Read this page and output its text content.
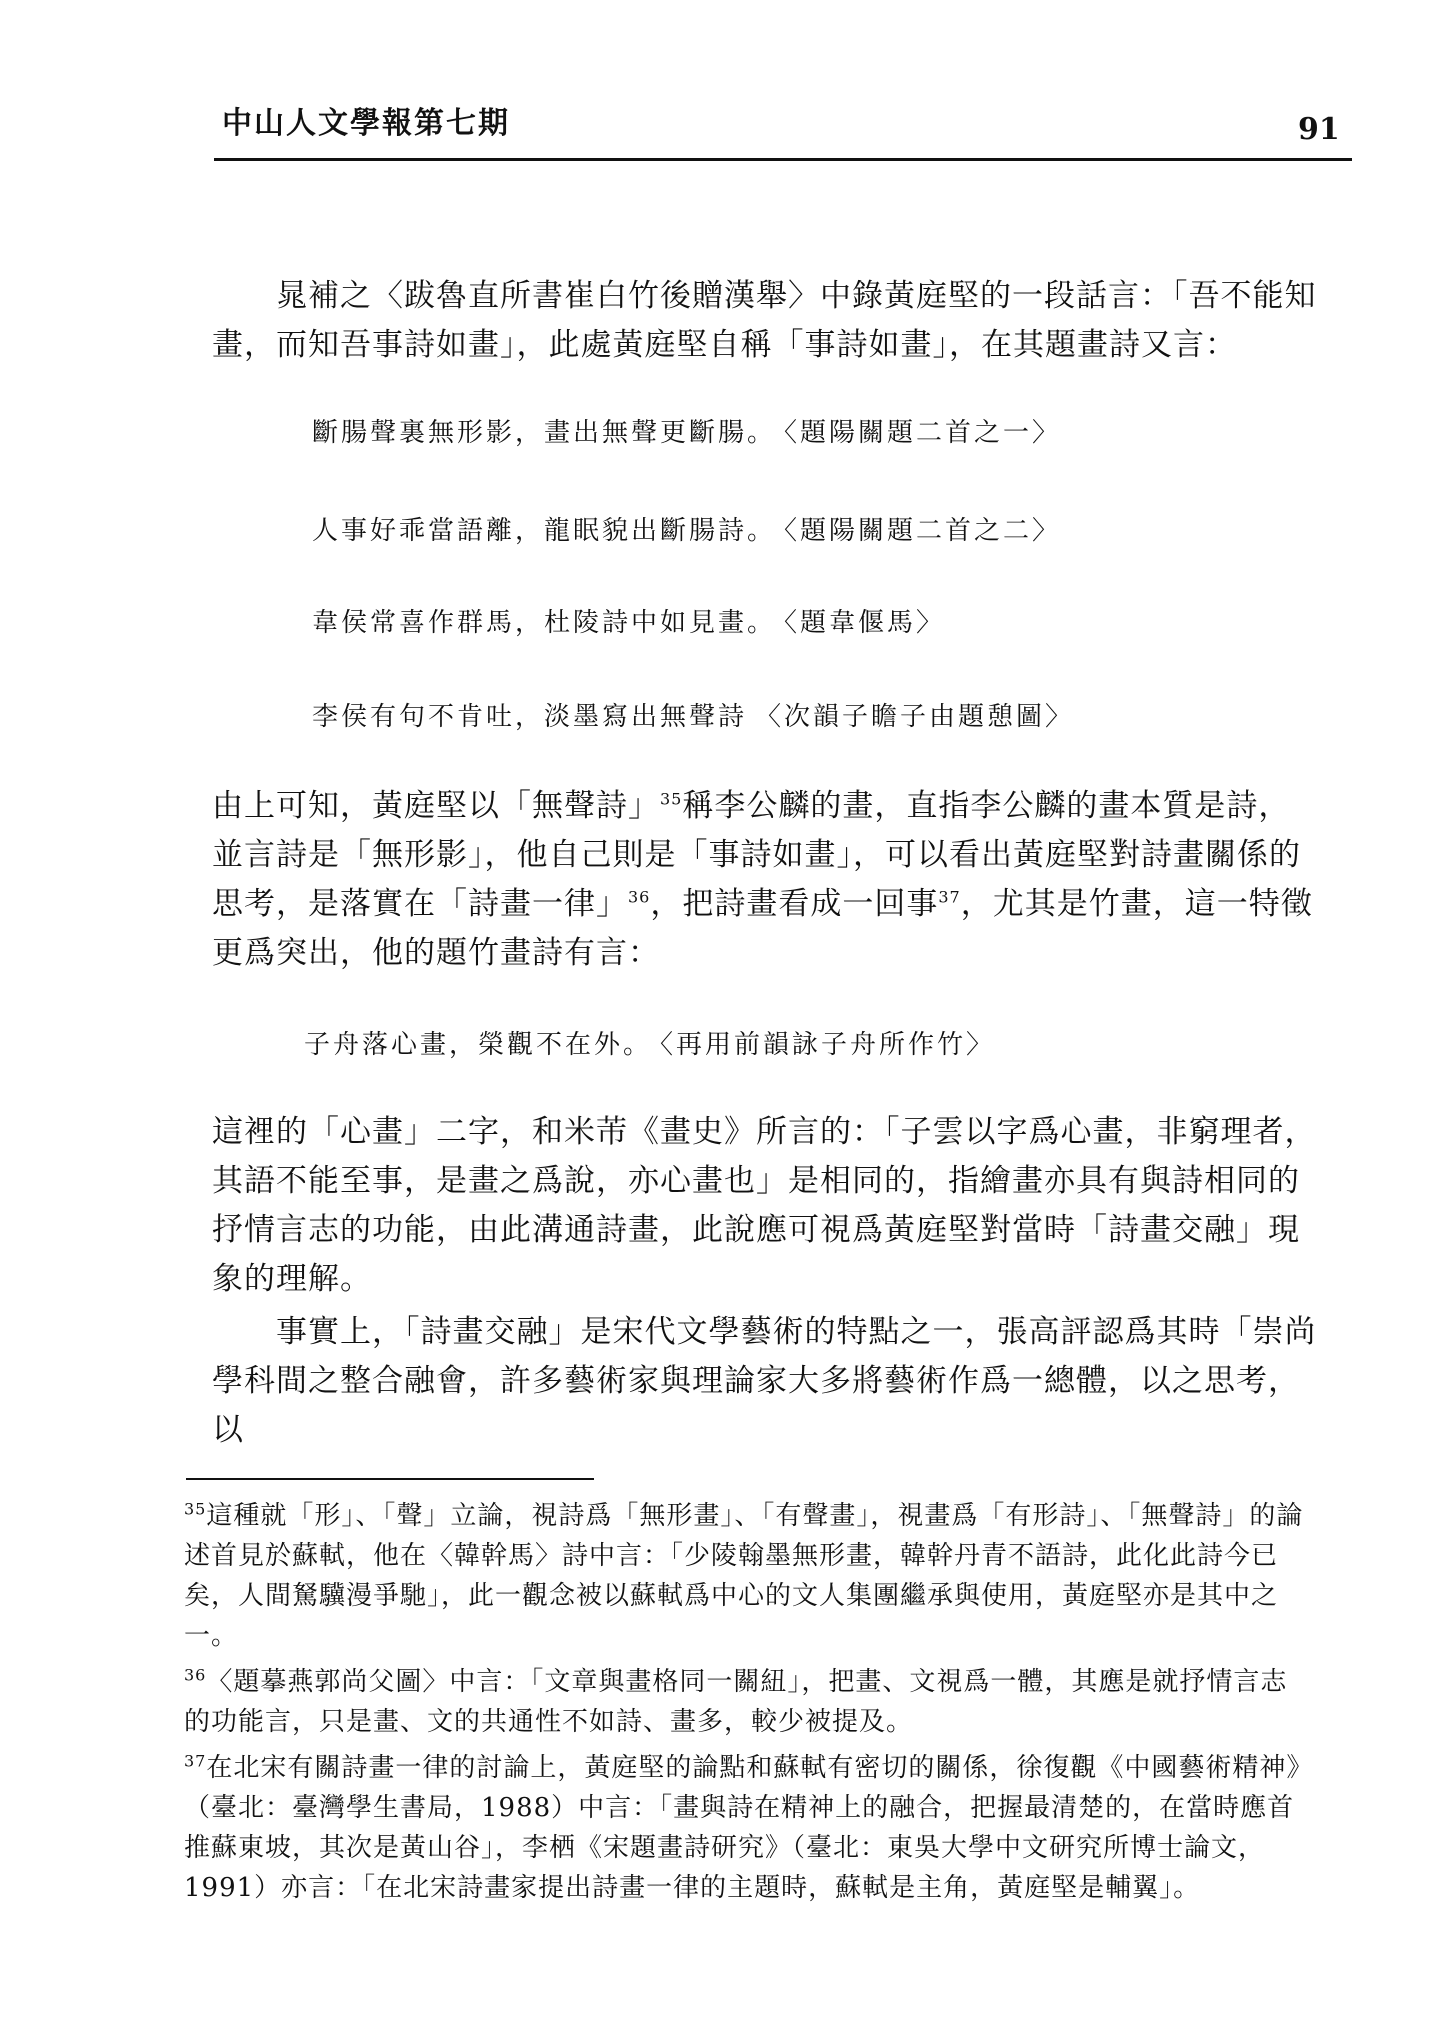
中山人文學報第七期	91

晁補之〈跋魯直所書崔白竹後贈漢舉〉中錄黃庭堅的一段話言：「吾不能知畫，而知吾事詩如畫」，此處黃庭堅自稱「事詩如畫」，在其題畫詩又言：

斷腸聲裏無形影，畫出無聲更斷腸。 〈題陽關題二首之一〉

人事好乖當語離，龍眠貌出斷腸詩。 〈題陽關題二首之二〉

韋侯常喜作群馬，杜陵詩中如見畫。 〈題韋偃馬〉

李侯有句不肯吐，淡墨寫出無聲詩 〈次韻子瞻子由題憩圖〉

由上可知，黃庭堅以「無聲詩」$^{35}$稱李公麟的畫，直指李公麟的畫本質是詩，並言詩是「無形影」，他自己則是「事詩如畫」，可以看出黃庭堅對詩畫關係的思考，是落實在「詩畫一律」$^{36}$，把詩畫看成一回事$^{37}$，尤其是竹畫，這一特徵更爲突出，他的題竹畫詩有言：

子舟落心畫，榮觀不在外。 〈再用前韻詠子舟所作竹〉

這裡的「心畫」二字，和米芾《畫史》所言的：「子雲以字爲心畫，非窮理者，其語不能至事，是畫之爲說，亦心畫也」是相同的，指繪畫亦具有與詩相同的抒情言志的功能，由此溝通詩畫，此說應可視爲黃庭堅對當時「詩畫交融」現象的理解。

事實上，「詩畫交融」是宋代文學藝術的特點之一，張高評認爲其時「崇尚學科間之整合融會，許多藝術家與理論家大多將藝術作爲一總體，以之思考，以

$^{35}$這種就「形」、「聲」立論，視詩爲「無形畫」、「有聲畫」，視畫爲「有形詩」、「無聲詩」的論述首見於蘇軾，他在〈韓幹馬〉詩中言：「少陵翰墨無形畫，韓幹丹青不語詩，此化此詩今已矣，人間駑驥漫爭馳」，此一觀念被以蘇軾爲中心的文人集團繼承與使用，黃庭堅亦是其中之一。

$^{36}$〈題摹燕郭尚父圖〉中言：「文章與畫格同一關紐」，把畫、文視爲一體，其應是就抒情言志的功能言，只是畫、文的共通性不如詩、畫多，較少被提及。

$^{37}$在北宋有關詩畫一律的討論上，黃庭堅的論點和蘇軾有密切的關係，徐復觀《中國藝術精神》（臺北：臺灣學生書局，1988）中言：「畫與詩在精神上的融合，把握最清楚的，在當時應首推蘇東坡，其次是黃山谷」，李栖《宋題畫詩研究》（臺北：東吳大學中文研究所博士論文，1991）亦言：「在北宋詩畫家提出詩畫一律的主題時，蘇軾是主角，黃庭堅是輔翼」。
